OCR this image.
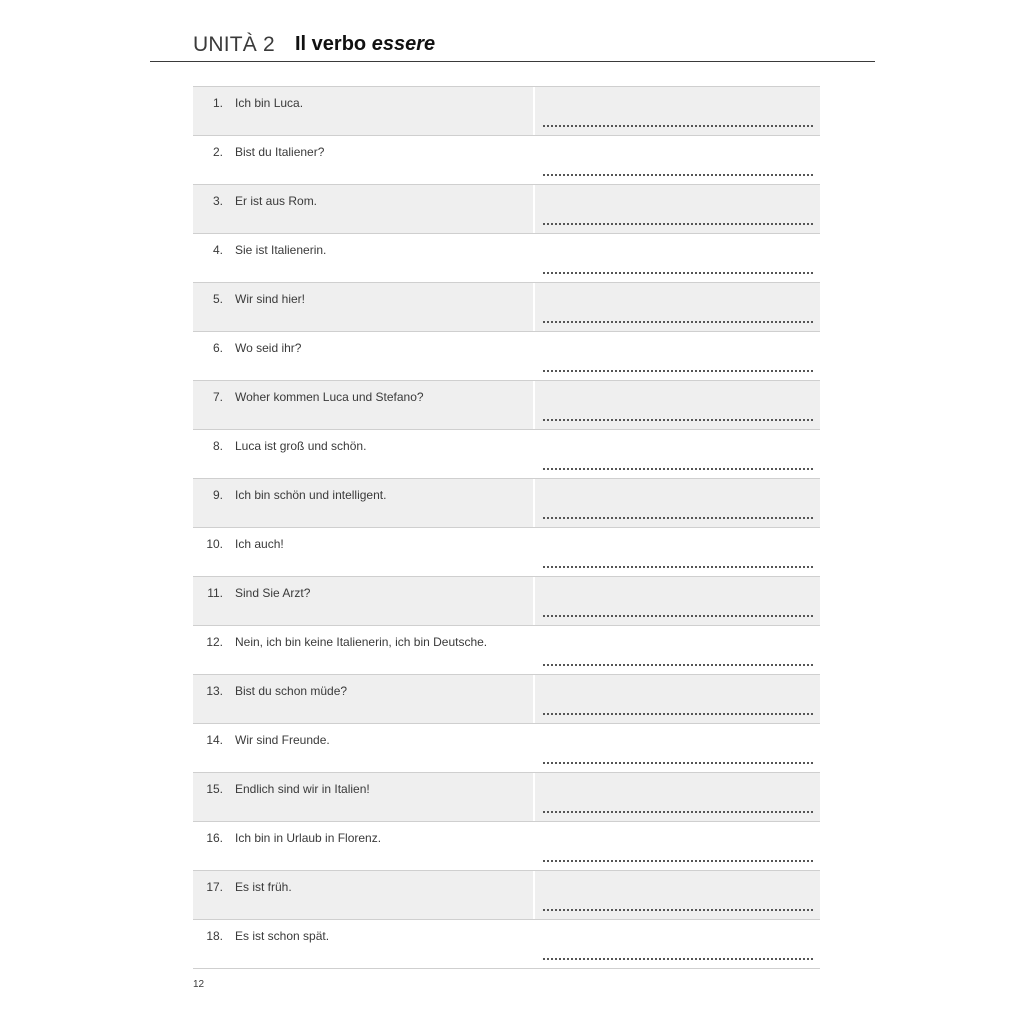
UNITÀ 2 Il verbo essere
1. Ich bin Luca.
2. Bist du Italiener?
3. Er ist aus Rom.
4. Sie ist Italienerin.
5. Wir sind hier!
6. Wo seid ihr?
7. Woher kommen Luca und Stefano?
8. Luca ist groß und schön.
9. Ich bin schön und intelligent.
10. Ich auch!
11. Sind Sie Arzt?
12. Nein, ich bin keine Italienerin, ich bin Deutsche.
13. Bist du schon müde?
14. Wir sind Freunde.
15. Endlich sind wir in Italien!
16. Ich bin in Urlaub in Florenz.
17. Es ist früh.
18. Es ist schon spät.
12
